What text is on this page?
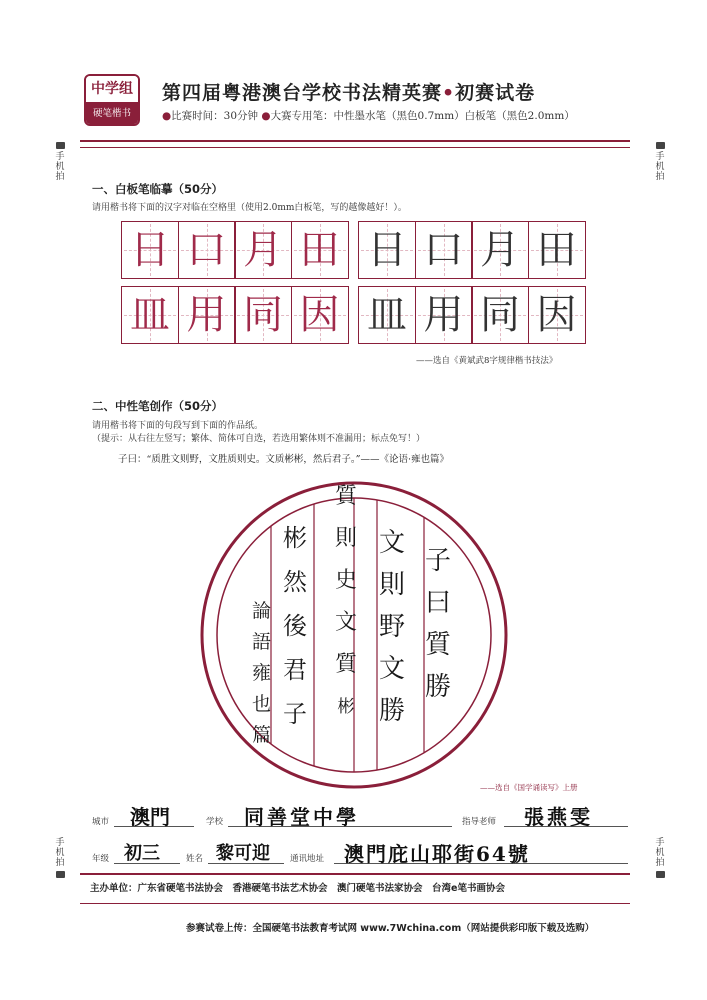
中学组
硬笔楷书
第四届粤港澳台学校书法精英赛•初赛试卷
●比赛时间：30分钟 ●大赛专用笔：中性墨水笔（黑色0.7mm）白板笔（黑色2.0mm）
手机拍
手机拍
手机拍
手机拍
一、白板笔临摹（50分）
请用楷书将下面的汉字对临在空格里（使用2.0mm白板笔，写的越像越好！）。
日 口 月 田 日 口 月 田
皿 用 同 因 皿 用 同 因
——选自《黄斌武8字规律楷书技法》
二、中性笔创作（50分）
请用楷书将下面的句段写到下面的作品纸。
（提示：从右往左竖写；繁体、简体可自选，若选用繁体则不准漏用；标点免写！）
子曰：“质胜文则野，文胜质则史。文质彬彬，然后君子。”——《论语·雍也篇》
子
曰
質
勝
文
則
野
文
勝
質
則
史
文
質
彬
彬
然
後
君
子
論
語
雍
也
篇
——选自《国学诵读写》上册
城市 澳門	学校 同善堂中學	指导老师 張燕雯
年级 初三	姓名 黎可迎 通讯地址 澳門庇山耶街64號
主办单位：广东省硬笔书法协会　香港硬笔书法艺术协会　澳门硬笔书法家协会　台湾e笔书画协会
参赛试卷上传：全国硬笔书法教育考试网 www.7Wchina.com（网站提供彩印版下载及选购）
